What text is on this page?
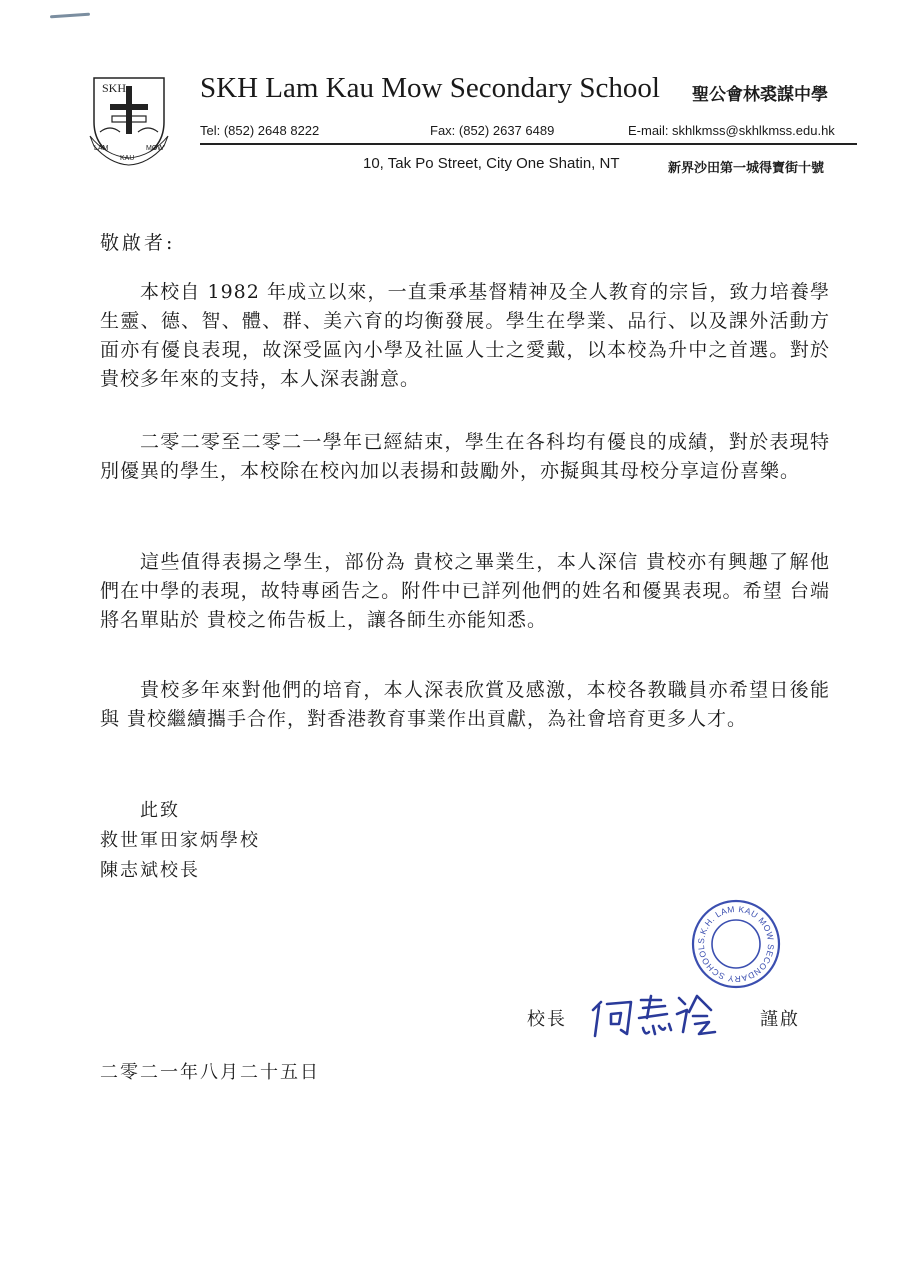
SKH
LAM
KAU
MOW
SKH Lam Kau Mow Secondary School 聖公會林裘謀中學
Tel: (852) 2648 8222	Fax: (852) 2637 6489	E-mail: skhlkmss@skhlkmss.edu.hk
10, Tak Po Street, City One Shatin, NT	新界沙田第一城得寶街十號
敬啟者:
本校自 1982 年成立以來，一直秉承基督精神及全人教育的宗旨，致力培養學生靈、德、智、體、群、美六育的均衡發展。學生在學業、品行、以及課外活動方面亦有優良表現，故深受區內小學及社區人士之愛戴，以本校為升中之首選。對於 貴校多年來的支持，本人深表謝意。
二零二零至二零二一學年已經結束，學生在各科均有優良的成績，對於表現特別優異的學生，本校除在校內加以表揚和鼓勵外，亦擬與其母校分享這份喜樂。
這些值得表揚之學生，部份為 貴校之畢業生，本人深信 貴校亦有興趣了解他們在中學的表現，故特專函告之。附件中已詳列他們的姓名和優異表現。希望 台端將名單貼於 貴校之佈告板上，讓各師生亦能知悉。
貴校多年來對他們的培育，本人深表欣賞及感激，本校各教職員亦希望日後能與 貴校繼續攜手合作，對香港教育事業作出貢獻，為社會培育更多人才。
此致
救世軍田家炳學校
陳志斌校長
S.K.H. LAM KAU MOW SECONDARY SCHOOL
校長	謹啟
二零二一年八月二十五日
